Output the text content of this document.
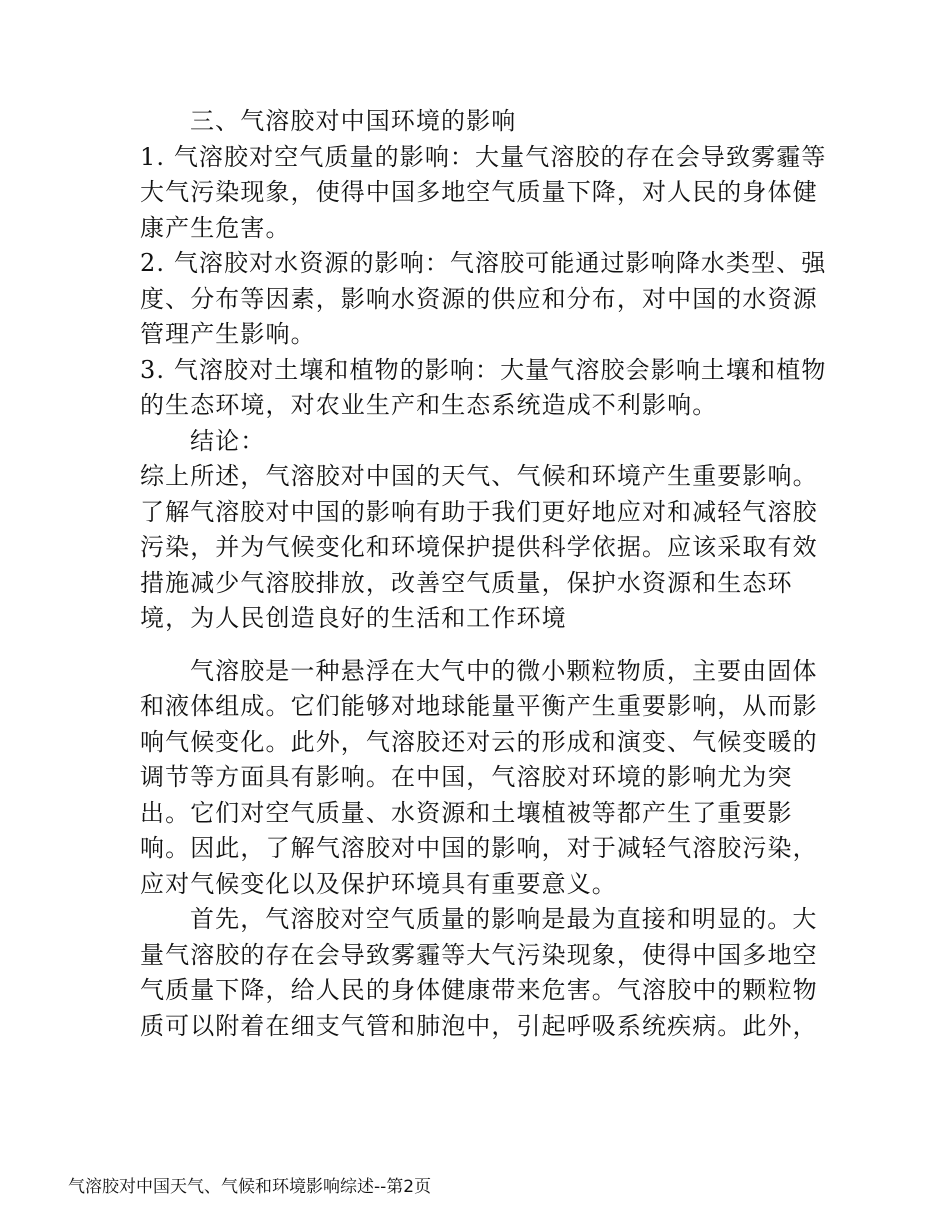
三、气溶胶对中国环境的影响

1. 气溶胶对空气质量的影响：大量气溶胶的存在会导致雾霾等大气污染现象，使得中国多地空气质量下降，对人民的身体健康产生危害。

2. 气溶胶对水资源的影响：气溶胶可能通过影响降水类型、强度、分布等因素，影响水资源的供应和分布，对中国的水资源管理产生影响。

3. 气溶胶对土壤和植物的影响：大量气溶胶会影响土壤和植物的生态环境，对农业生产和生态系统造成不利影响。

结论：

综上所述，气溶胶对中国的天气、气候和环境产生重要影响。了解气溶胶对中国的影响有助于我们更好地应对和减轻气溶胶污染，并为气候变化和环境保护提供科学依据。应该采取有效措施减少气溶胶排放，改善空气质量，保护水资源和生态环境，为人民创造良好的生活和工作环境

气溶胶是一种悬浮在大气中的微小颗粒物质，主要由固体和液体组成。它们能够对地球能量平衡产生重要影响，从而影响气候变化。此外，气溶胶还对云的形成和演变、气候变暖的调节等方面具有影响。在中国，气溶胶对环境的影响尤为突出。它们对空气质量、水资源和土壤植被等都产生了重要影响。因此，了解气溶胶对中国的影响，对于减轻气溶胶污染，应对气候变化以及保护环境具有重要意义。

首先，气溶胶对空气质量的影响是最为直接和明显的。大量气溶胶的存在会导致雾霾等大气污染现象，使得中国多地空气质量下降，给人民的身体健康带来危害。气溶胶中的颗粒物质可以附着在细支气管和肺泡中，引起呼吸系统疾病。此外，

气溶胶对中国天气、气候和环境影响综述--第2页
